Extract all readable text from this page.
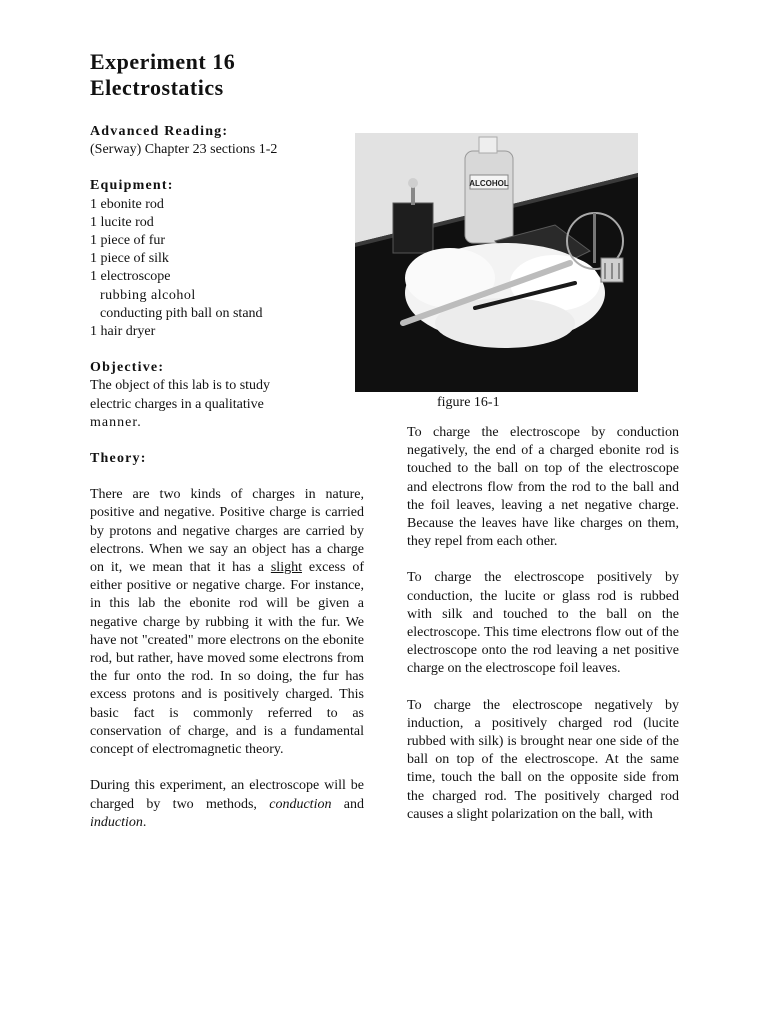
Experiment 16
Electrostatics
Advanced Reading:
(Serway) Chapter 23 sections 1-2
Equipment:
1 ebonite rod
1 lucite rod
1 piece of fur
1 piece of silk
1 electroscope
rubbing alcohol
conducting pith ball on stand
1 hair dryer
Objective:
The object of this lab is to study
electric charges in a qualitative
manner.
Theory:

There are two kinds of charges in nature, positive and negative. Positive charge is carried by protons and negative charges are carried by electrons. When we say an object has a charge on it, we mean that it has a slight excess of either positive or negative charge. For instance, in this lab the ebonite rod will be given a negative charge by rubbing it with the fur. We have not "created" more electrons on the ebonite rod, but rather, have moved some electrons from the fur onto the rod. In so doing, the fur has excess protons and is positively charged. This basic fact is commonly referred to as conservation of charge, and is a fundamental concept of electromagnetic theory.

During this experiment, an electroscope will be charged by two methods, conduction and induction.

ALCOHOL
figure 16-1

To charge the electroscope by conduction negatively, the end of a charged ebonite rod is touched to the ball on top of the electroscope and electrons flow from the rod to the ball and the foil leaves, leaving a net negative charge. Because the leaves have like charges on them, they repel from each other.

To charge the electroscope positively by conduction, the lucite or glass rod is rubbed with silk and touched to the ball on the electroscope. This time electrons flow out of the electroscope onto the rod leaving a net positive charge on the electroscope foil leaves.

To charge the electroscope negatively by induction, a positively charged rod (lucite rubbed with silk) is brought near one side of the ball on top of the electroscope. At the same time, touch the ball on the opposite side from the charged rod. The positively charged rod causes a slight polarization on the ball, with
